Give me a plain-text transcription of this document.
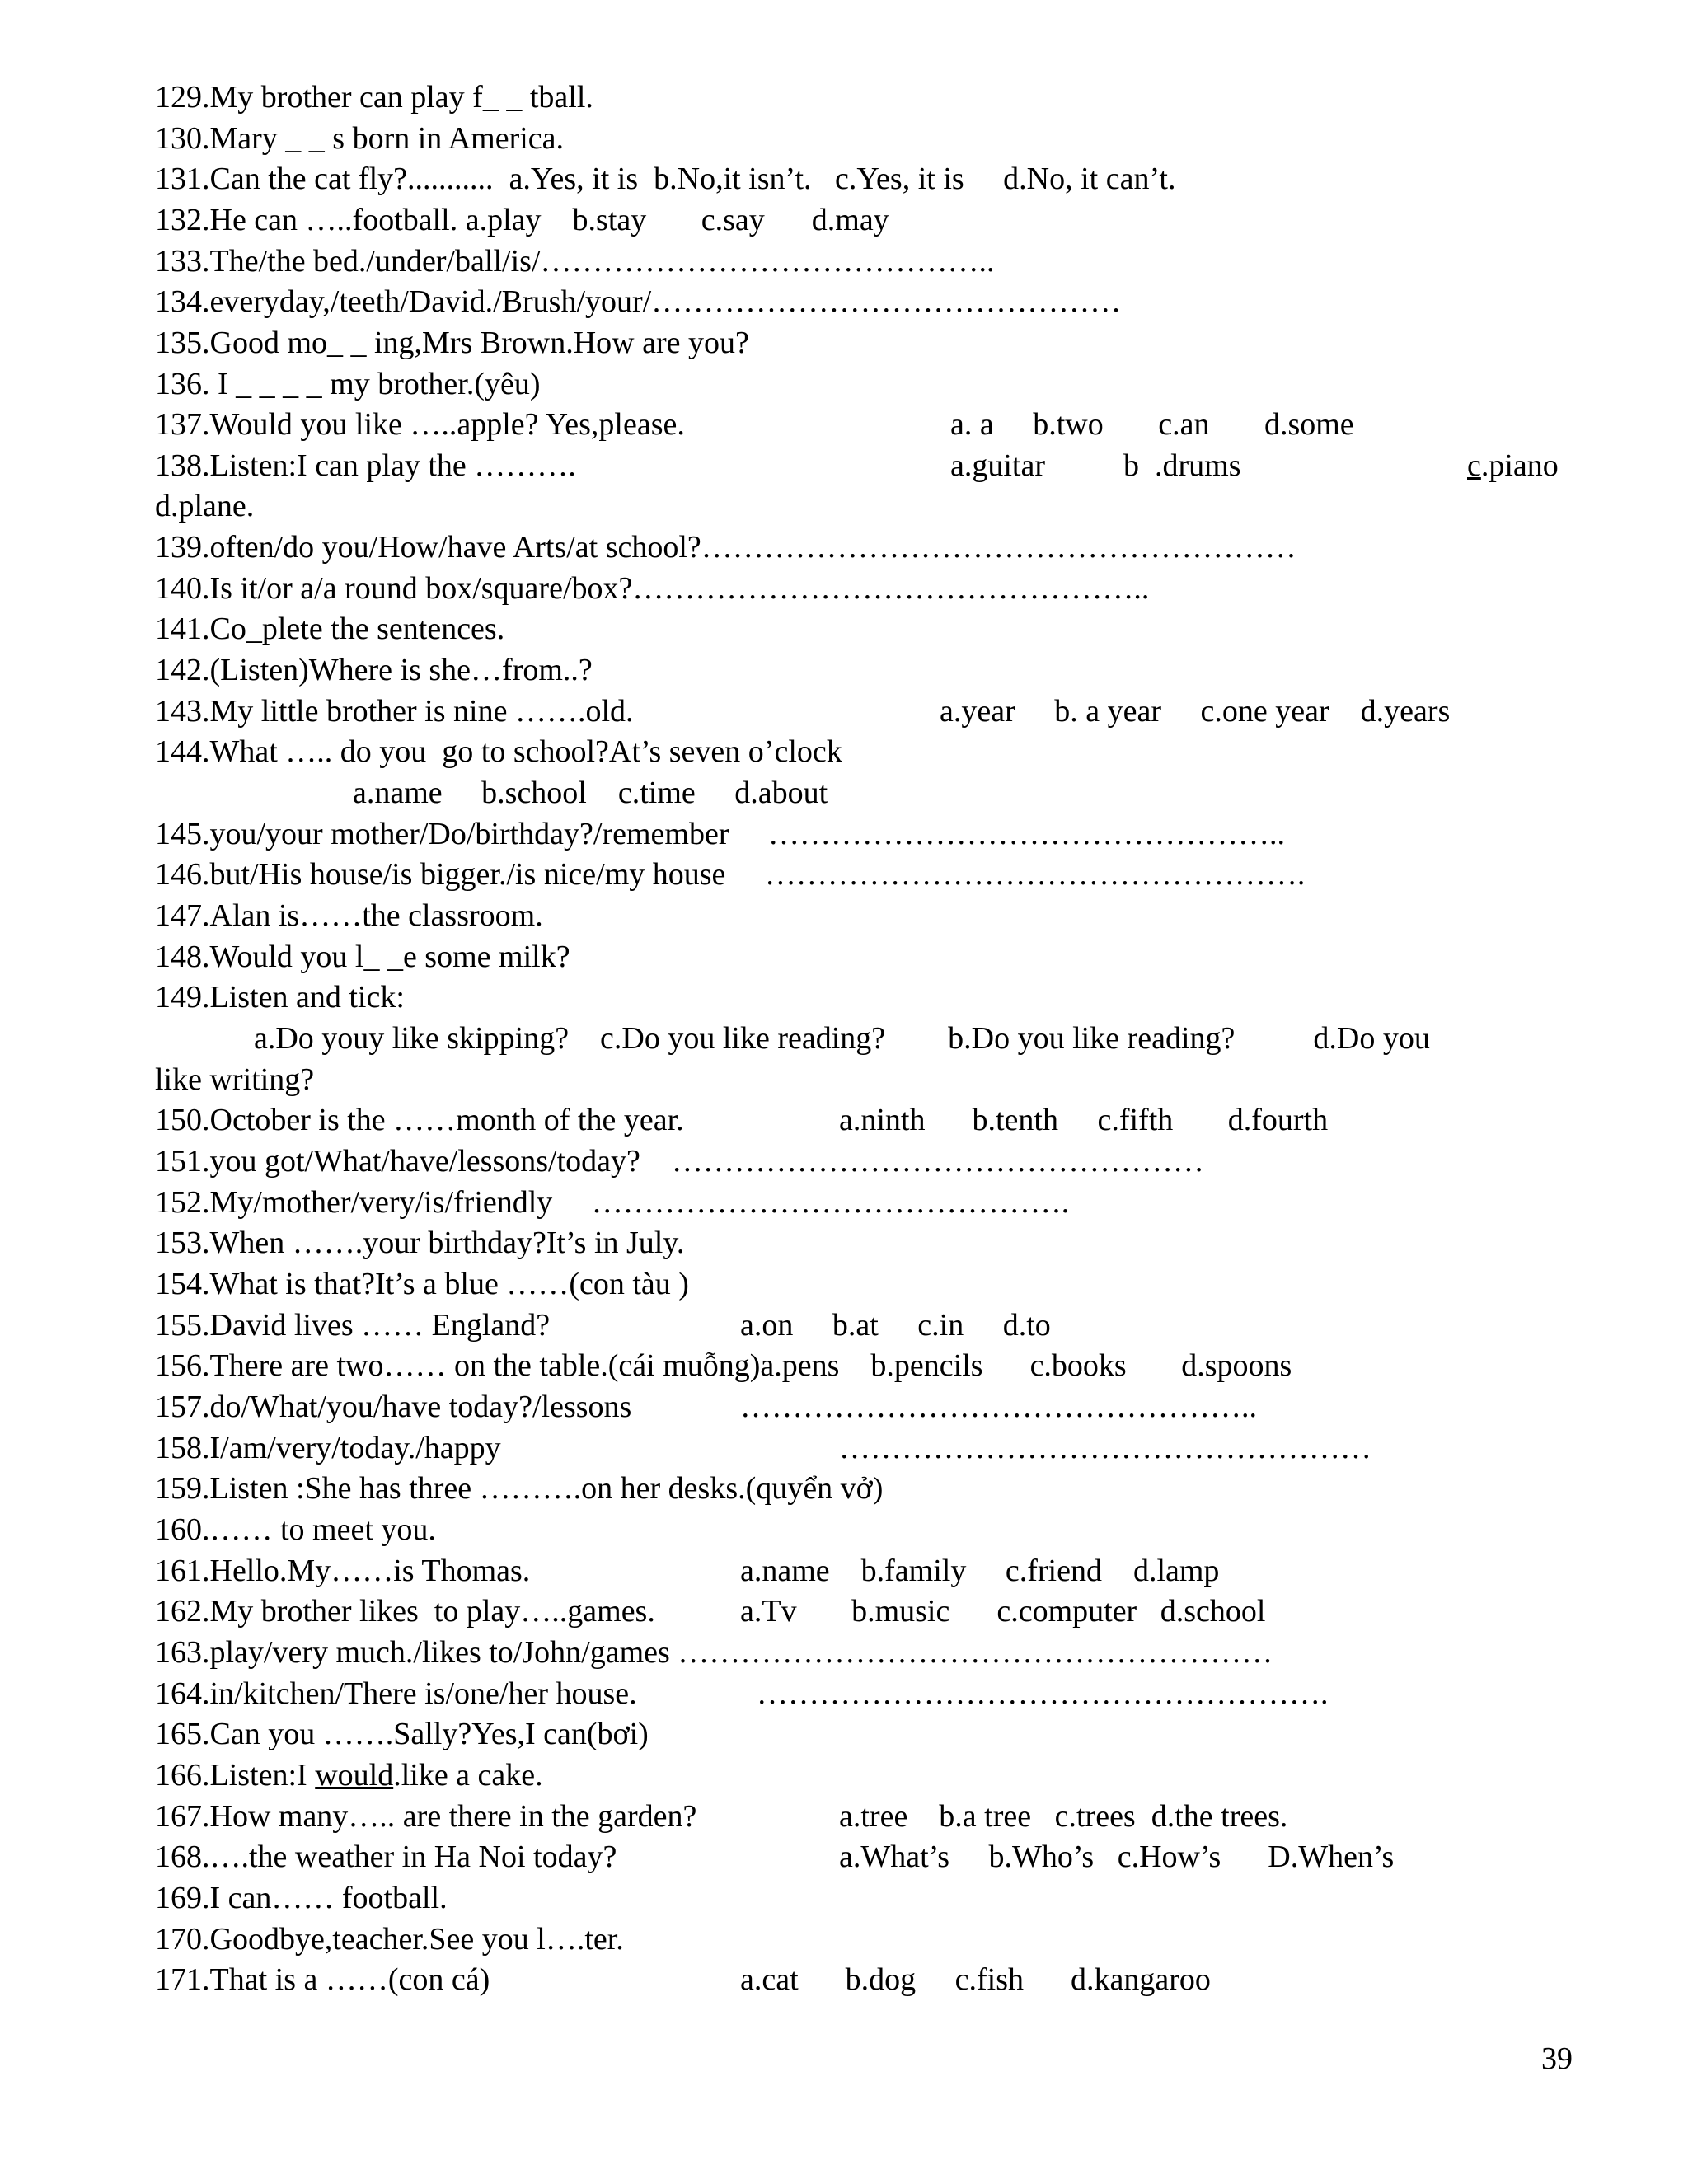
129.My brother can play f_ _ tball.
130.Mary _ _ s born in America.
131.Can the cat fly?...........  a.Yes, it is  b.No,it isn’t.   c.Yes, it is     d.No, it can’t.
132.He can …..football. a.play    b.stay       c.say      d.may
133.The/the bed./under/ball/is/……………………………………..
134.everyday,/teeth/David./Brush/your/………………………………………
135.Good mo_ _ ing,Mrs Brown.How are you?
136. I _ _ _ _ my brother.(yêu)
137.Would you like …..apple? Yes,please.	a. a     b.two       c.an       d.some
138.Listen:I can play the ……….	a.guitar          b  .drums	c.piano
d.plane.
139.often/do you/How/have Arts/at school?…………………………………………………
140.Is it/or a/a round box/square/box?…………………………………………..
141.Co_plete the sentences.
142.(Listen)Where is she…from..?
143.My little brother is nine …….old.	a.year     b. a year     c.one year    d.years
144.What ….. do you  go to school?At’s seven o’clock
a.name     b.school    c.time     d.about
145.you/your mother/Do/birthday?/remember     …………………………………………..
146.but/His house/is bigger./is nice/my house     …………………………………………….
147.Alan is……the classroom.
148.Would you l_ _e some milk?
149.Listen and tick:
a.Do youy like skipping?    c.Do you like reading?        b.Do you like reading?          d.Do you
like writing?
150.October is the ……month of the year.	a.ninth      b.tenth     c.fifth       d.fourth
151.you got/What/have/lessons/today?    ……………………………………………
152.My/mother/very/is/friendly     ……………………………………….
153.When …….your birthday?It’s in July.
154.What is that?It’s a blue ……(con tàu )
155.David lives …… England?	a.on     b.at     c.in     d.to
156.There are two…… on the table.(cái muỗng)a.pens    b.pencils      c.books       d.spoons
157.do/What/you/have today?/lessons	…………………………………………..
158.I/am/very/today./happy	……………………………………………
159.Listen :She has three ……….on her desks.(quyển vở)
160.…… to meet you.
161.Hello.My……is Thomas.	a.name    b.family     c.friend    d.lamp
162.My brother likes  to play…..games.	a.Tv       b.music      c.computer   d.school
163.play/very much./likes to/John/games …………………………………………………
164.in/kitchen/There is/one/her house.	……………………………………………….
165.Can you …….Sally?Yes,I can(bơi)
166.Listen:I would.like a cake.
167.How many….. are there in the garden?	a.tree    b.a tree   c.trees  d.the trees.
168.….the weather in Ha Noi today?	a.What’s     b.Who’s   c.How’s      D.When’s
169.I can…… football.
170.Goodbye,teacher.See you l….ter.
171.That is a ……(con cá)	a.cat      b.dog     c.fish      d.kangaroo
39
